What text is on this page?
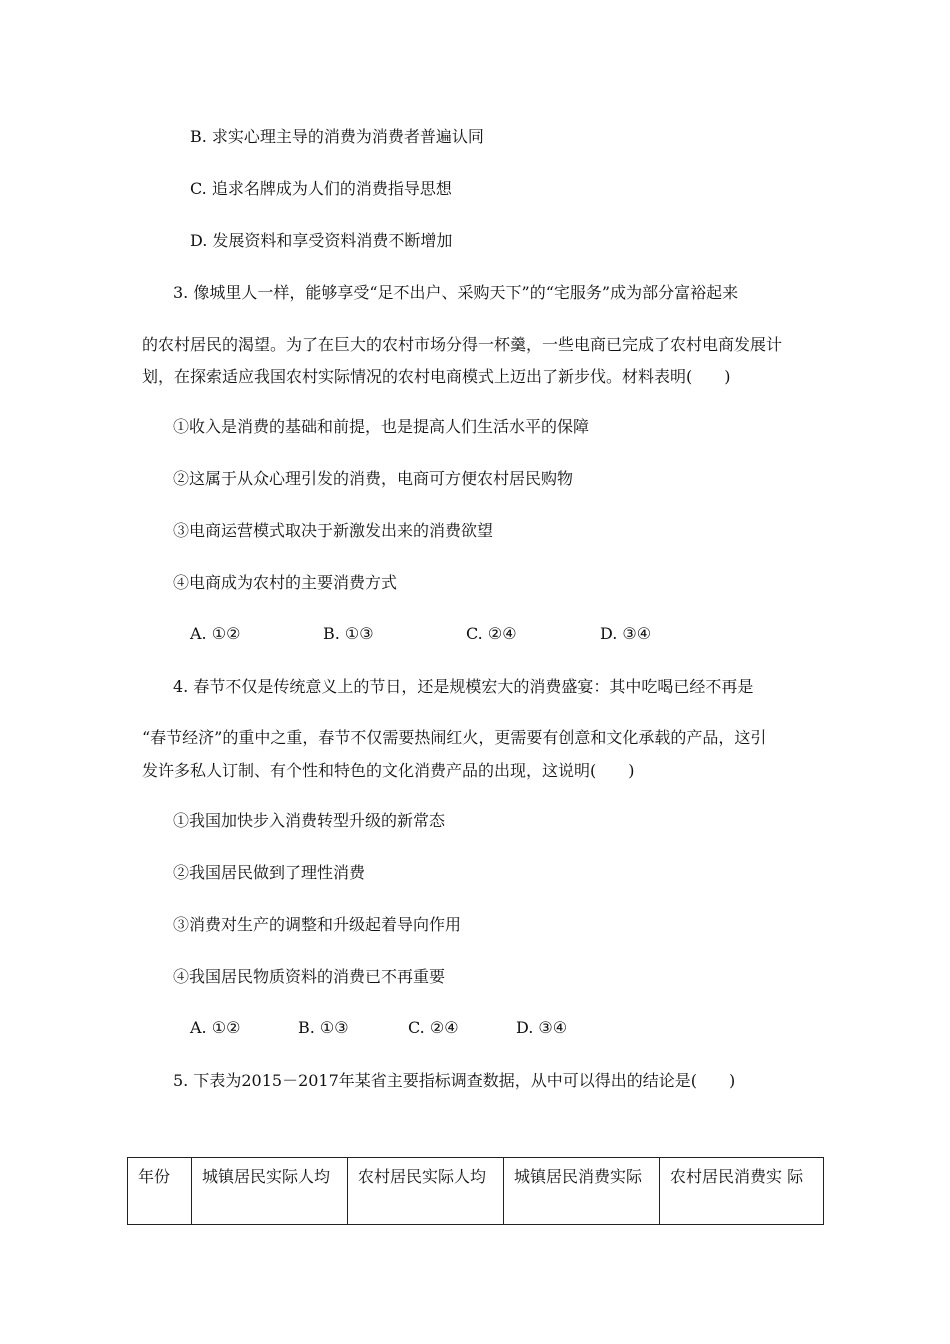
B. 求实心理主导的消费为消费者普遍认同
C. 追求名牌成为人们的消费指导思想
D. 发展资料和享受资料消费不断增加
3. 像城里人一样，能够享受“足不出户、采购天下”的“宅服务”成为部分富裕起来
的农村居民的渴望。为了在巨大的农村市场分得一杯羹，一些电商已完成了农村电商发展计
划，在探索适应我国农村实际情况的农村电商模式上迈出了新步伐。材料表明(　　)
①收入是消费的基础和前提，也是提高人们生活水平的保障
②这属于从众心理引发的消费，电商可方便农村居民购物
③电商运营模式取决于新激发出来的消费欲望
④电商成为农村的主要消费方式
A. ①②	B. ①③	C. ②④	D. ③④
4. 春节不仅是传统意义上的节日，还是规模宏大的消费盛宴：其中吃喝已经不再是
“春节经济”的重中之重，春节不仅需要热闹红火，更需要有创意和文化承载的产品，这引
发许多私人订制、有个性和特色的文化消费产品的出现，这说明(　　)
①我国加快步入消费转型升级的新常态
②我国居民做到了理性消费
③消费对生产的调整和升级起着导向作用
④我国居民物质资料的消费已不再重要
A. ①②	B. ①③	C. ②④	D. ③④
5. 下表为2015－2017年某省主要指标调查数据，从中可以得出的结论是(　　)
年份	城镇居民实际人均	农村居民实际人均	城镇居民消费实际	农村居民消费实 际
